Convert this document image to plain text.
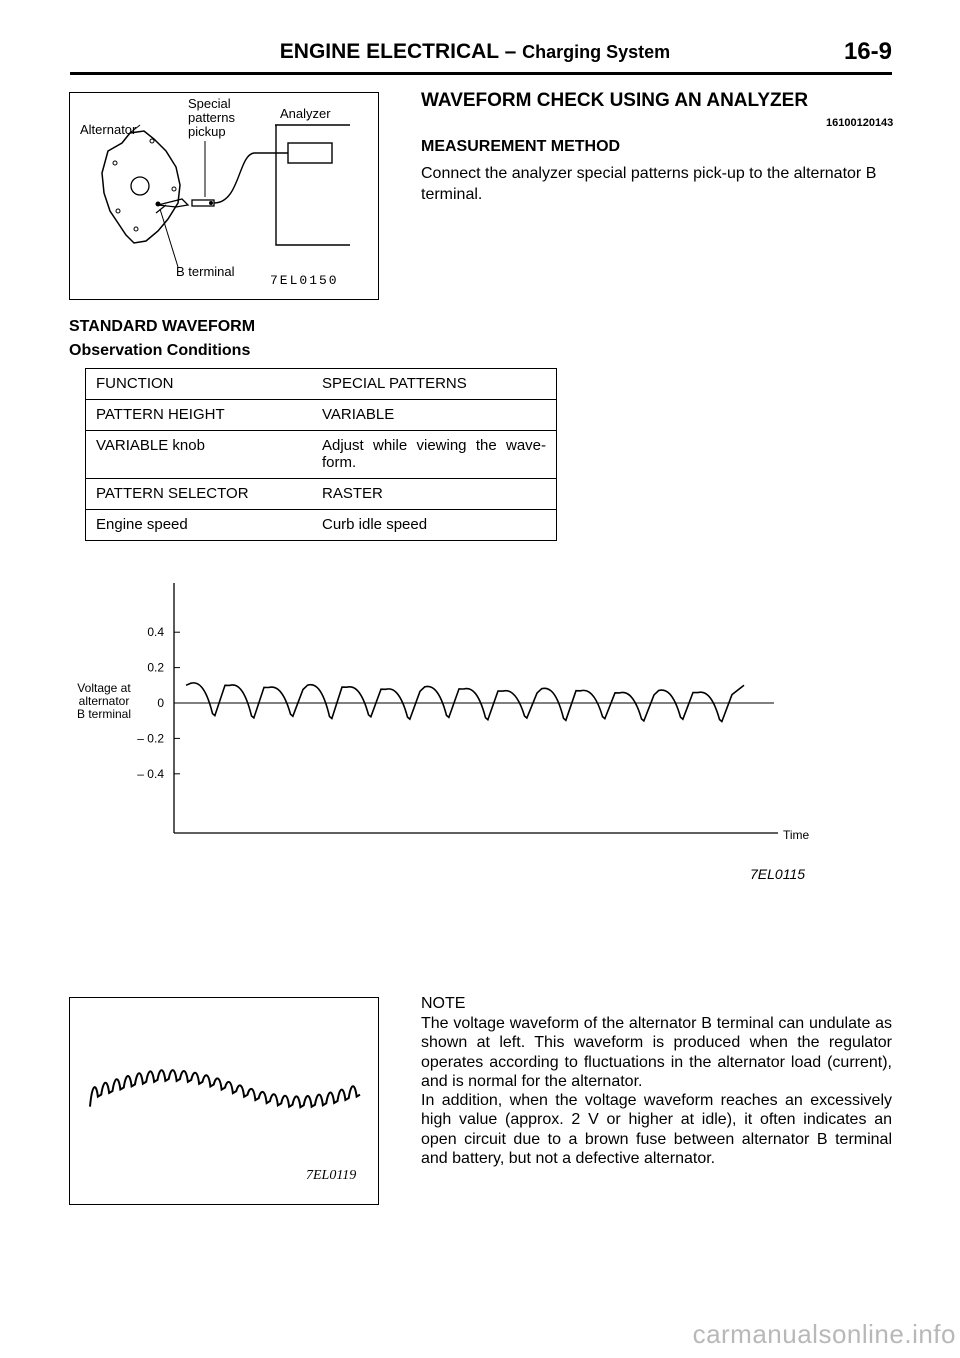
ENGINE ELECTRICAL – Charging System	16-9
Alternator
Special
patterns
pickup
Analyzer
B terminal
7EL0150
WAVEFORM CHECK USING AN ANALYZER
16100120143
MEASUREMENT METHOD
Connect the analyzer special patterns pick-up to the alternator B terminal.
STANDARD WAVEFORM
Observation Conditions
FUNCTION	SPECIAL PATTERNS
PATTERN HEIGHT	VARIABLE
VARIABLE knob	Adjust while viewing the wave-form.
PATTERN SELECTOR	RASTER
Engine speed	Curb idle speed
Voltage at
alternator
B terminal
0.4
0.2
0
– 0.2
– 0.4
Time
7EL0115
7EL0119
NOTE

The voltage waveform of the alternator B terminal can undulate as shown at left. This waveform is produced when the regulator operates according to fluctuations in the alternator load (current), and is normal for the alternator.

In addition, when the voltage waveform reaches an excessively high value (approx. 2 V or higher at idle), it often indicates an open circuit due to a brown fuse between alternator B terminal and battery, but not a defective alternator.

carmanualsonline.info
